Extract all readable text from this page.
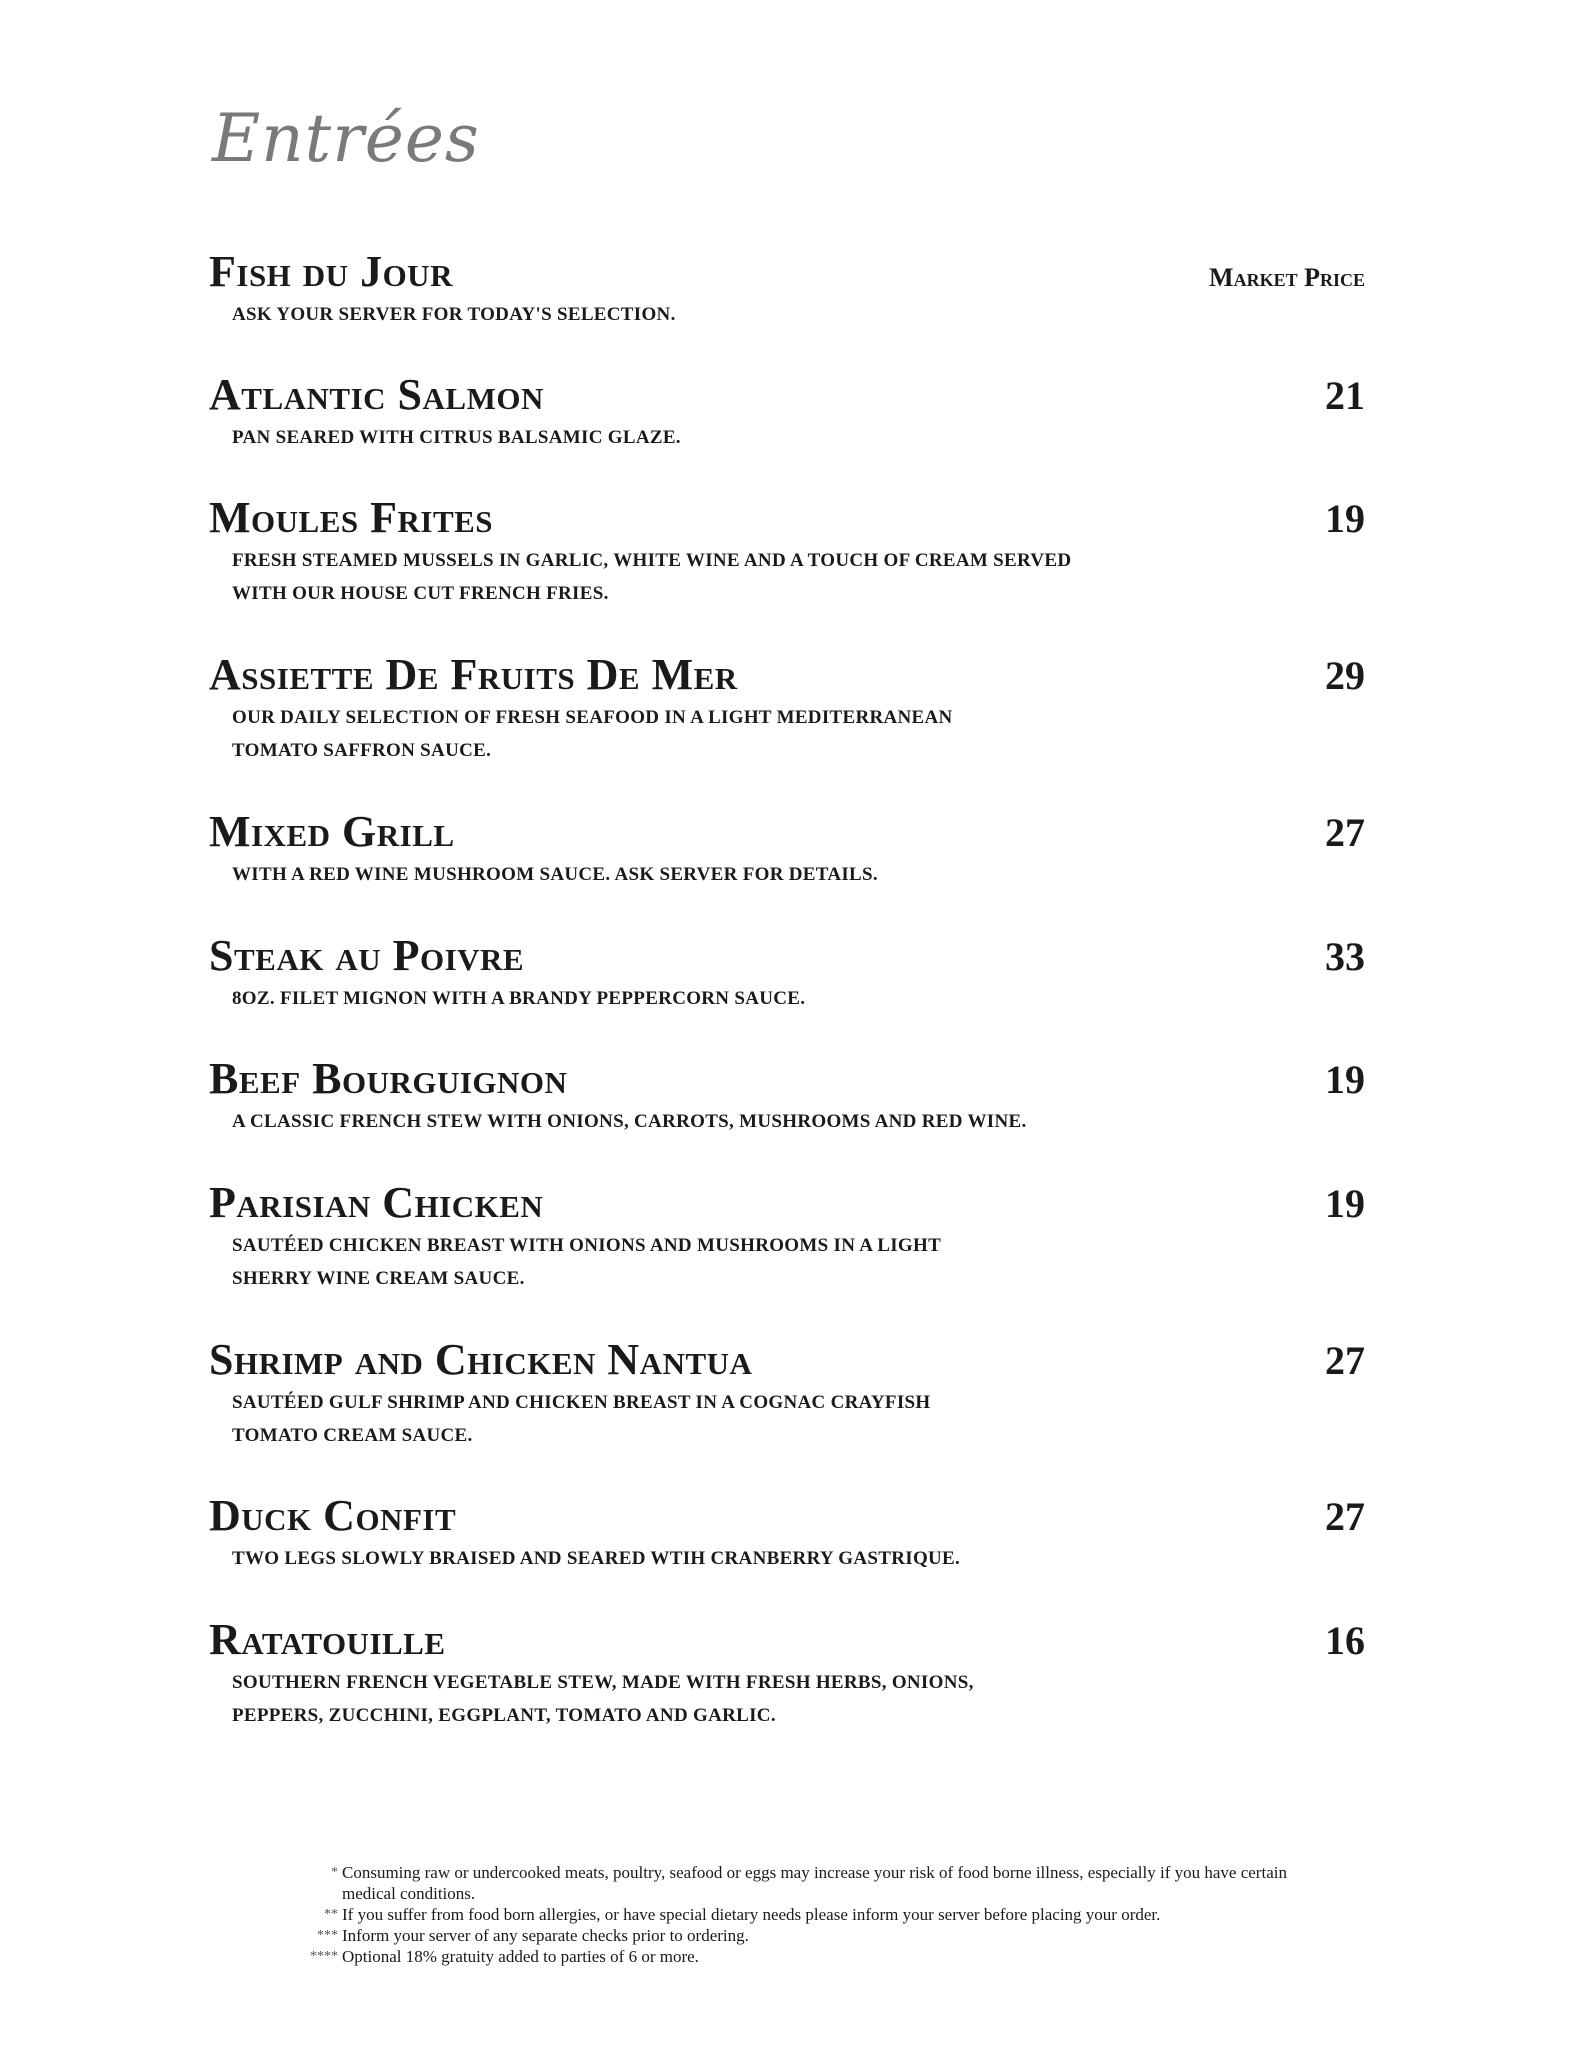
Entrées
Fish du Jour	Market Price

ASK YOUR SERVER FOR TODAY'S SELECTION.

Atlantic Salmon	21

PAN SEARED WITH CITRUS BALSAMIC GLAZE.

Moules Frites	19

FRESH STEAMED MUSSELS IN GARLIC, WHITE WINE AND A TOUCH OF CREAM SERVED
WITH OUR HOUSE CUT FRENCH FRIES.

Assiette De Fruits De Mer	29

OUR DAILY SELECTION OF FRESH SEAFOOD IN A LIGHT MEDITERRANEAN
TOMATO SAFFRON SAUCE.

Mixed Grill	27

WITH A RED WINE MUSHROOM SAUCE. ASK SERVER FOR DETAILS.

Steak au Poivre	33

8OZ. FILET MIGNON WITH A BRANDY PEPPERCORN SAUCE.

Beef Bourguignon	19

A CLASSIC FRENCH STEW WITH ONIONS, CARROTS, MUSHROOMS AND RED WINE.

Parisian Chicken	19

SAUTÉED CHICKEN BREAST WITH ONIONS AND MUSHROOMS IN A LIGHT
SHERRY WINE CREAM SAUCE.

Shrimp and Chicken Nantua	27

SAUTÉED GULF SHRIMP AND CHICKEN BREAST IN A COGNAC CRAYFISH
TOMATO CREAM SAUCE.

Duck Confit	27

TWO LEGS SLOWLY BRAISED AND SEARED WTIH CRANBERRY GASTRIQUE.

Ratatouille	16

SOUTHERN FRENCH VEGETABLE STEW, MADE WITH FRESH HERBS, ONIONS,
PEPPERS, ZUCCHINI, EGGPLANT, TOMATO AND GARLIC.

* Consuming raw or undercooked meats, poultry, seafood or eggs may increase your risk of food borne illness, especially if you have certain medical conditions.
** If you suffer from food born allergies, or have special dietary needs please inform your server before placing your order.
*** Inform your server of any separate checks prior to ordering.
**** Optional 18% gratuity added to parties of 6 or more.
